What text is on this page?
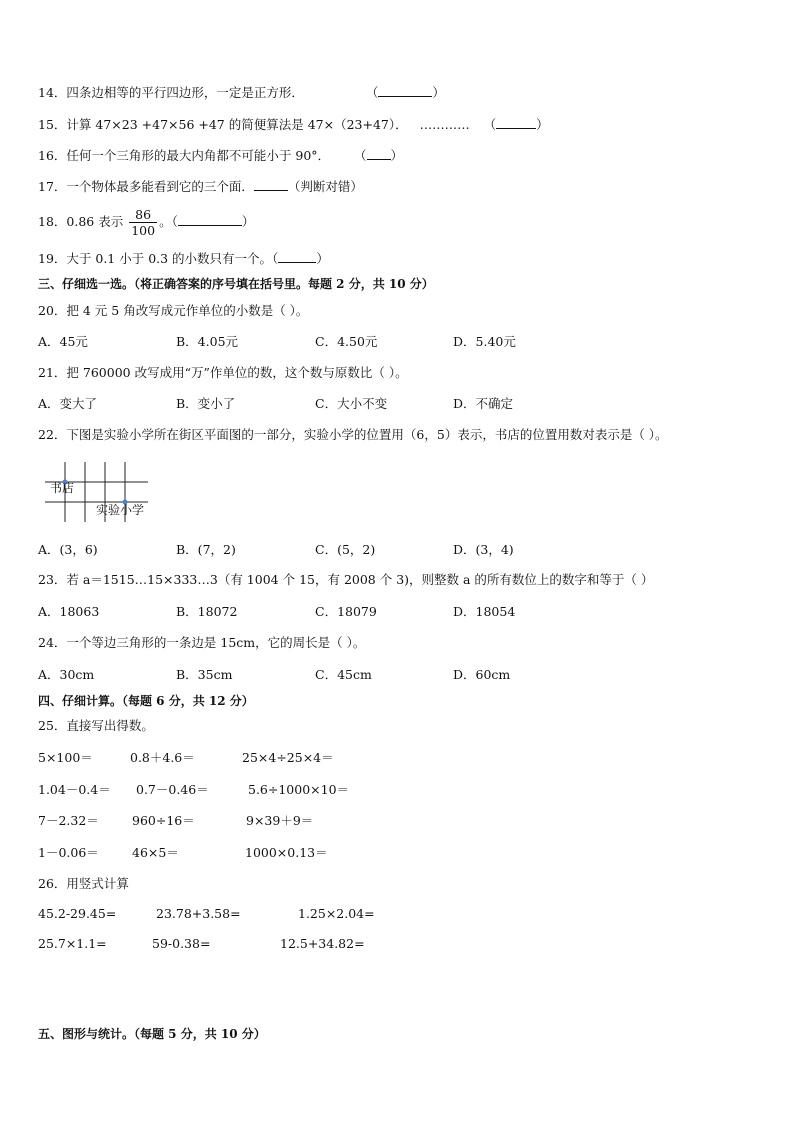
14．四条边相等的平行四边形，一定是正方形．	（	）
15．计算 47×23 +47×56 +47 的简便算法是 47×（23+47）． ………… （	）
16．任何一个三角形的最大内角都不可能小于 90°． （ ）
17．一个物体最多能看到它的三个面．	（判断对错）
18．0.86 表示 $\frac{86}{100}$ 。（	）
19．大于 0.1 小于 0.3 的小数只有一个。（	）
三、仔细选一选。（将正确答案的序号填在括号里。每题 2 分，共 10 分）
20．把 4 元 5 角改写成元作单位的小数是（ ）。
A．45元	B．4.05元	C．4.50元	D．5.40元
21．把 760000 改写成用“万”作单位的数，这个数与原数比（ ）。
A．变大了	B．变小了	C．大小不变	D．不确定
22．下图是实验小学所在街区平面图的一部分，实验小学的位置用（6，5）表示，书店的位置用数对表示是（ ）。
书店
实验小学
A．(3，6)	B．(7，2)	C．(5，2)	D．(3，4)
23．若 a＝1515…15×333…3（有 1004 个 15，有 2008 个 3)，则整数 a 的所有数位上的数字和等于（ ）
A．18063	B．18072	C．18079	D．18054
24．一个等边三角形的一条边是 15cm，它的周长是（ ）。
A．30cm	B．35cm	C．45cm	D．60cm
四、仔细计算。（每题 6 分，共 12 分）
25．直接写出得数。
5×100＝	0.8＋4.6＝	25×4÷25×4＝
1.04－0.4＝ 0.7－0.46＝	5.6÷1000×10＝
7－2.32＝	960÷16＝	9×39＋9＝
1－0.06＝	46×5＝	1000×0.13＝
26．用竖式计算
45.2-29.45=	23.78+3.58=	1.25×2.04=
25.7×1.1=	59-0.38=	12.5+34.82=
五、图形与统计。（每题 5 分，共 10 分）
